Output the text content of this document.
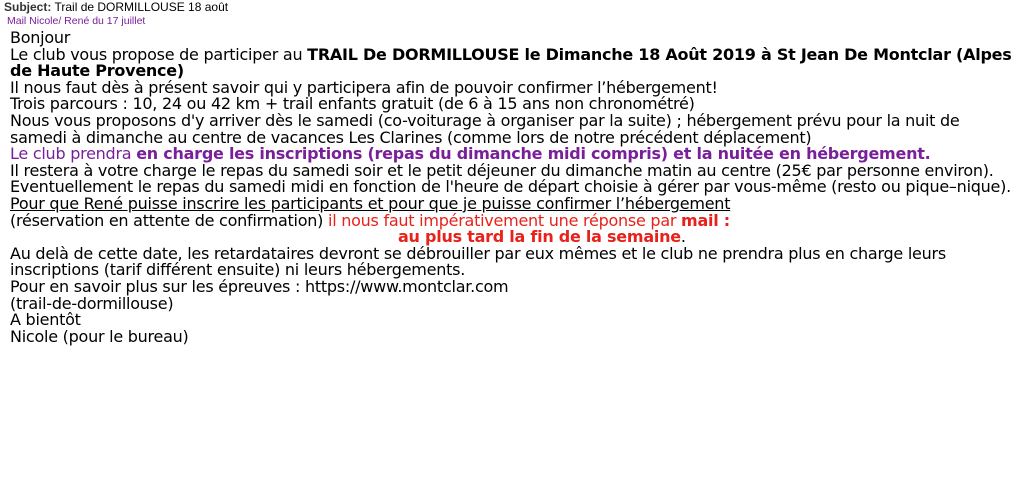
Subject: Trail de DORMILLOUSE 18 août
Mail Nicole/ René du 17 juillet

Bonjour

Le club vous propose de participer au TRAIL De DORMILLOUSE le Dimanche 18 Août 2019 à St Jean De Montclar (Alpes de Haute Provence)

Il nous faut dès à présent savoir qui y participera afin de pouvoir confirmer l’hébergement!

Trois parcours : 10, 24 ou 42 km + trail enfants gratuit (de 6 à 15 ans non chronométré)

Nous vous proposons d'y arriver dès le samedi (co-voiturage à organiser par la suite) ; hébergement prévu pour la nuit de samedi à dimanche au centre de vacances Les Clarines (comme lors de notre précédent déplacement)

Le club prendra en charge les inscriptions (repas du dimanche midi compris) et la nuitée en hébergement.

Il restera à votre charge le repas du samedi soir et le petit déjeuner du dimanche matin au centre (25€ par personne environ).

Eventuellement le repas du samedi midi en fonction de l'heure de départ choisie à gérer par vous-même (resto ou pique–nique).

Pour que René puisse inscrire les participants et pour que je puisse confirmer l’hébergement
(réservation en attente de confirmation) il nous faut impérativement une réponse par mail :
au plus tard la fin de la semaine.

Au delà de cette date, les retardataires devront se débrouiller par eux mêmes et le club ne prendra plus en charge leurs inscriptions (tarif différent ensuite) ni leurs hébergements.

Pour en savoir plus sur les épreuves : https://www.montclar.com

(trail-de-dormillouse)

A bientôt

Nicole (pour le bureau)
